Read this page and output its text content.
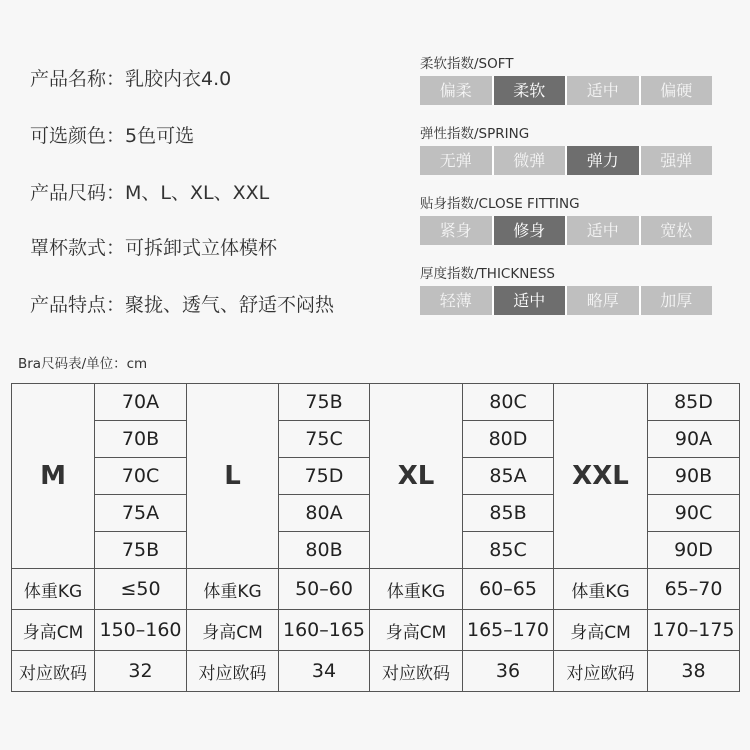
产品名称：乳胶内衣4.0
可选颜色：5色可选
产品尺码：M、L、XL、XXL
罩杯款式：可拆卸式立体模杯
产品特点：聚拢、透气、舒适不闷热
柔软指数/SOFT
偏柔	柔软	适中	偏硬
弹性指数/SPRING
无弹	微弹	弹力	强弹
贴身指数/CLOSE FITTING
紧身	修身	适中	宽松
厚度指数/THICKNESS
轻薄	适中	略厚	加厚
Bra尺码表/单位：cm
M	70A	L	75B	XL	80C	XXL	85D
	70B		75C		80D		90A
	70C		75D		85A		90B
	75A		80A		85B		90C
	75B		80B		85C		90D
体重KG	≤50	体重KG	50–60	体重KG	60–65	体重KG	65–70
身高CM	150–160	身高CM	160–165	身高CM	165–170	身高CM	170–175
对应欧码	32	对应欧码	34	对应欧码	36	对应欧码	38
